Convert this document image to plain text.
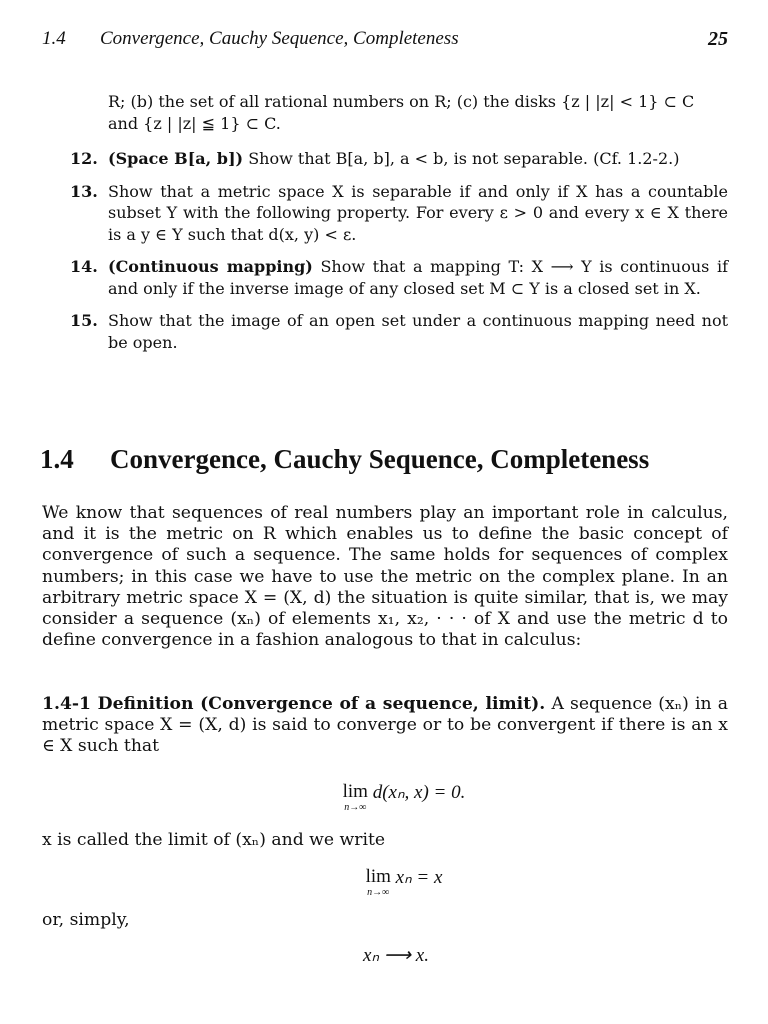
1.4 Convergence, Cauchy Sequence, Completeness	25
R; (b) the set of all rational numbers on R; (c) the disks {z | |z| < 1} ⊂ C
and {z | |z| ≦ 1} ⊂ C.
12. (Space B[a, b]) Show that B[a, b], a < b, is not separable. (Cf. 1.2-2.)
13. Show that a metric space X is separable if and only if X has a countable subset Y with the following property. For every ε > 0 and every x ∈ X there is a y ∈ Y such that d(x, y) < ε.
14. (Continuous mapping) Show that a mapping T: X ⟶ Y is continuous if and only if the inverse image of any closed set M ⊂ Y is a closed set in X.
15. Show that the image of an open set under a continuous mapping need not be open.
1.4 Convergence, Cauchy Sequence, Completeness
We know that sequences of real numbers play an important role in calculus, and it is the metric on R which enables us to define the basic concept of convergence of such a sequence. The same holds for sequences of complex numbers; in this case we have to use the metric on the complex plane. In an arbitrary metric space X = (X, d) the situation is quite similar, that is, we may consider a sequence (xₙ) of elements x₁, x₂, · · · of X and use the metric d to define convergence in a fashion analogous to that in calculus:
1.4-1 Definition (Convergence of a sequence, limit). A sequence (xₙ) in a metric space X = (X, d) is said to converge or to be convergent if there is an x ∈ X such that
lim
n→∞
d(xₙ, x) = 0.
x is called the limit of (xₙ) and we write
lim
n→∞
xₙ = x
or, simply,
xₙ ⟶ x.
